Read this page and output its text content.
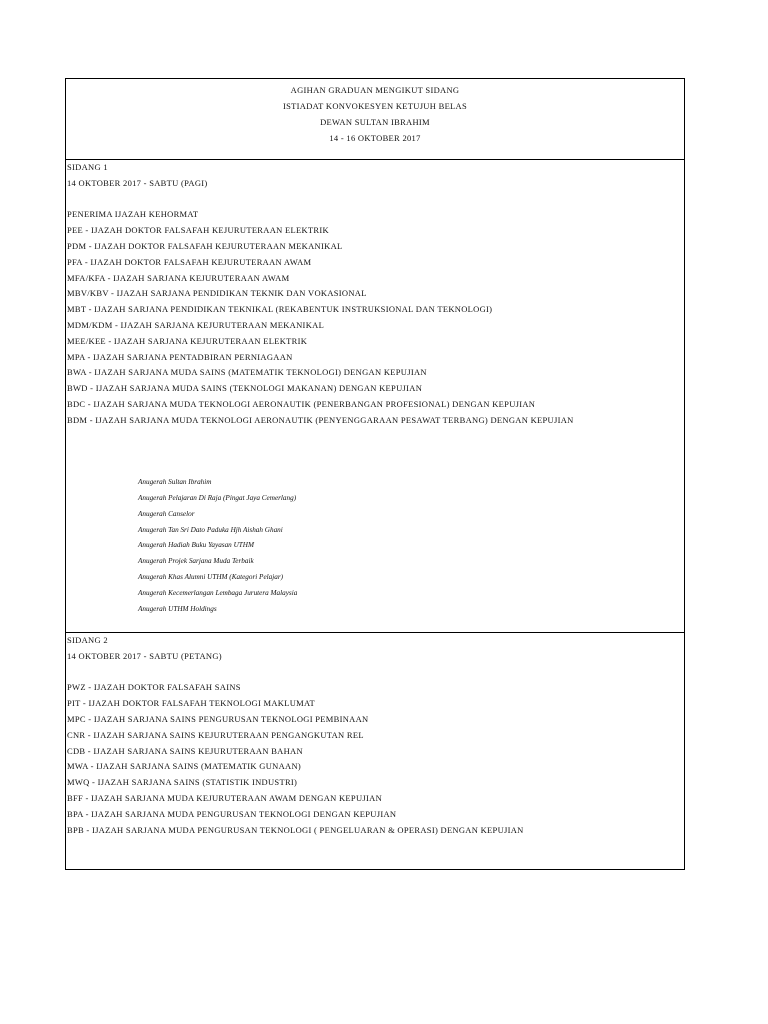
AGIHAN GRADUAN MENGIKUT SIDANG
ISTIADAT KONVOKESYEN KETUJUH BELAS
DEWAN SULTAN IBRAHIM
14 - 16 OKTOBER 2017
SIDANG 1
14 OKTOBER 2017 - SABTU (PAGI)
PENERIMA IJAZAH KEHORMAT
PEE - IJAZAH DOKTOR FALSAFAH KEJURUTERAAN ELEKTRIK
PDM - IJAZAH DOKTOR FALSAFAH KEJURUTERAAN MEKANIKAL
PFA - IJAZAH DOKTOR FALSAFAH KEJURUTERAAN AWAM
MFA/KFA - IJAZAH SARJANA KEJURUTERAAN AWAM
MBV/KBV - IJAZAH SARJANA PENDIDIKAN TEKNIK DAN VOKASIONAL
MBT - IJAZAH SARJANA PENDIDIKAN TEKNIKAL (REKABENTUK INSTRUKSIONAL DAN TEKNOLOGI)
MDM/KDM - IJAZAH SARJANA KEJURUTERAAN MEKANIKAL
MEE/KEE - IJAZAH SARJANA KEJURUTERAAN ELEKTRIK
MPA - IJAZAH SARJANA PENTADBIRAN PERNIAGAAN
BWA - IJAZAH SARJANA MUDA SAINS (MATEMATIK TEKNOLOGI) DENGAN KEPUJIAN
BWD - IJAZAH SARJANA MUDA SAINS (TEKNOLOGI MAKANAN) DENGAN KEPUJIAN
BDC - IJAZAH SARJANA MUDA TEKNOLOGI AERONAUTIK (PENERBANGAN PROFESIONAL) DENGAN KEPUJIAN
BDM - IJAZAH SARJANA MUDA TEKNOLOGI AERONAUTIK (PENYENGGARAAN PESAWAT TERBANG) DENGAN KEPUJIAN
Anugerah Sultan Ibrahim
Anugerah Pelajaran Di Raja (Pingat Jaya Cemerlang)
Anugerah Canselor
Anugerah Tan Sri Dato Paduka Hjh Aishah Ghani
Anugerah Hadiah Buku Yayasan UTHM
Anugerah Projek Sarjana Muda Terbaik
Anugerah Khas Alumni UTHM (Kategori Pelajar)
Anugerah Kecemerlangan Lembaga Jurutera Malaysia
Anugerah UTHM Holdings
SIDANG 2
14 OKTOBER 2017 - SABTU (PETANG)
PWZ - IJAZAH DOKTOR FALSAFAH SAINS
PIT - IJAZAH DOKTOR FALSAFAH TEKNOLOGI MAKLUMAT
MPC - IJAZAH SARJANA SAINS PENGURUSAN TEKNOLOGI PEMBINAAN
CNR - IJAZAH SARJANA SAINS KEJURUTERAAN PENGANGKUTAN REL
CDB - IJAZAH SARJANA SAINS KEJURUTERAAN BAHAN
MWA - IJAZAH SARJANA SAINS (MATEMATIK GUNAAN)
MWQ - IJAZAH SARJANA SAINS (STATISTIK INDUSTRI)
BFF - IJAZAH SARJANA MUDA KEJURUTERAAN AWAM DENGAN KEPUJIAN
BPA - IJAZAH SARJANA MUDA PENGURUSAN TEKNOLOGI DENGAN KEPUJIAN
BPB - IJAZAH SARJANA MUDA PENGURUSAN TEKNOLOGI ( PENGELUARAN & OPERASI) DENGAN KEPUJIAN
